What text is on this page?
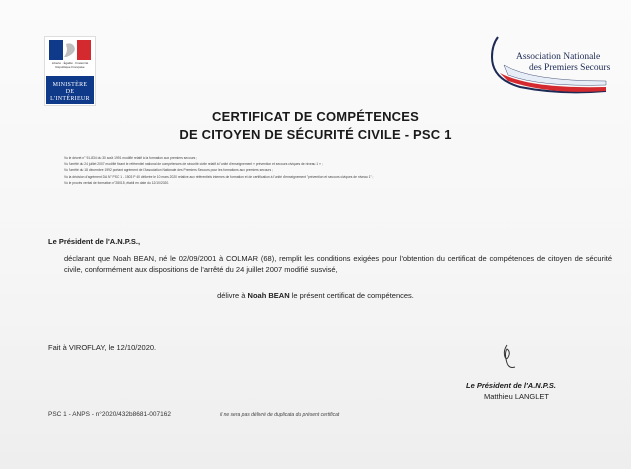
Liberté · Égalité · Fraternité
République Française
MINISTÈRE
DE
L'INTÉRIEUR
Association Nationale
des Premiers Secours
CERTIFICAT DE COMPÉTENCES
DE CITOYEN DE SÉCURITÉ CIVILE - PSC 1
Vu le décret n° 91-834 du 30 août 1991 modifié relatif à la formation aux premiers secours ;
Vu l'arrêté du 24 juillet 2007 modifié fixant le référentiel national de compétences de sécurité civile relatif à l'unité d'enseignement « prévention et secours civiques de niveau 1 » ;
Vu l'arrêté du 18 décembre 1992 portant agrément de l'Association Nationale des Premiers Secours pour les formations aux premiers secours ;
Vu la décision d'agrément DA N° PSC 1 - 1503 P 40 délivrée le 10 mars 2020 relative aux référentiels internes de formation et de certification à l'unité d'enseignement "prévention et secours civiques de niveau 1" ;
Vu le procès verbal de formation n°28015, établi en date du 12/10/2020.
Le Président de l'A.N.P.S.,
déclarant que Noah BEAN, né le 02/09/2001 à COLMAR (68), remplit les conditions exigées pour l'obtention du certificat de compétences de citoyen de sécurité civile, conformément aux dispositions de l'arrêté du 24 juillet 2007 modifié susvisé,
délivre à Noah BEAN le présent certificat de compétences.
Fait à VIROFLAY, le 12/10/2020.
Le Président de l'A.N.P.S.
Matthieu LANGLET
PSC 1 - ANPS - n°2020/432b8681-007162	il ne sera pas délivré de duplicata du présent certificat
